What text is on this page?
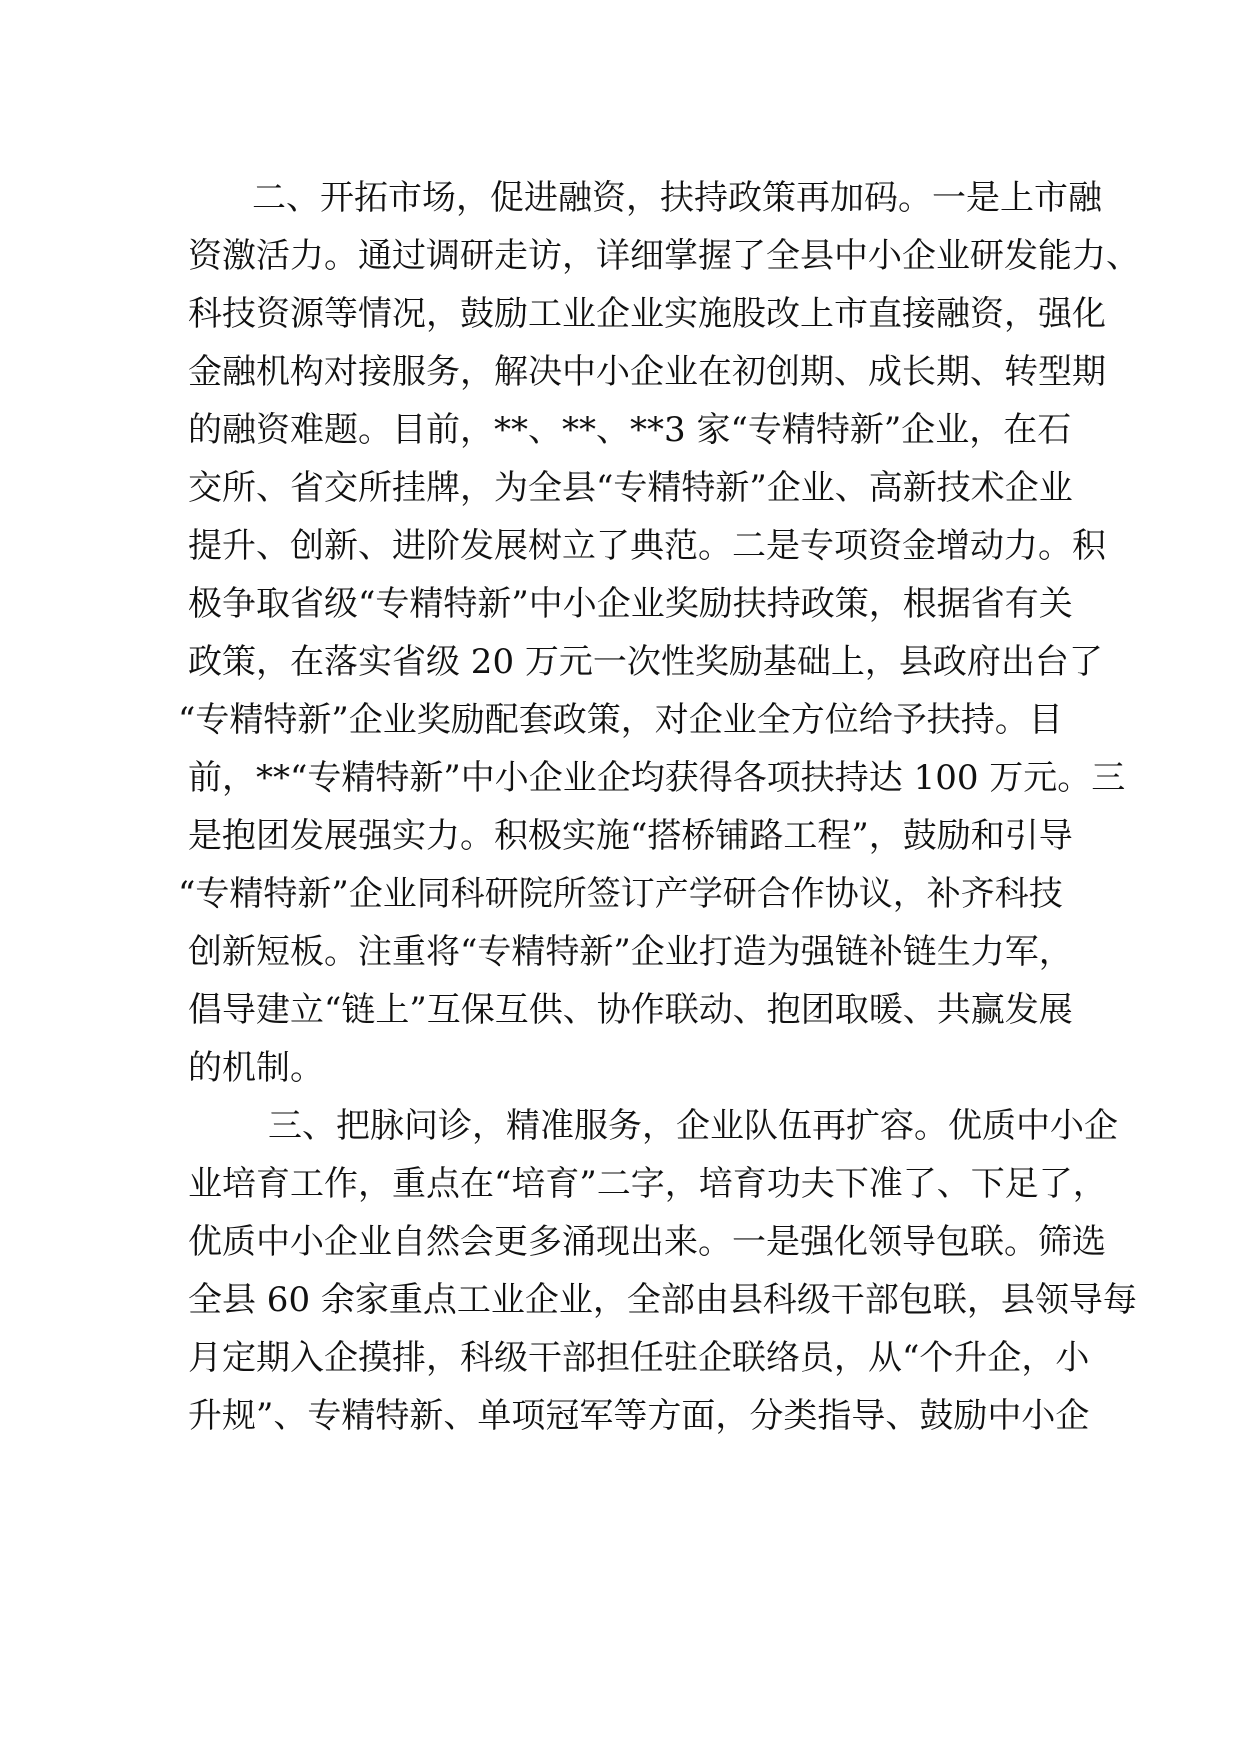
二、开拓市场，促进融资，扶持政策再加码。一是上市融
资激活力。通过调研走访，详细掌握了全县中小企业研发能力、
科技资源等情况，鼓励工业企业实施股改上市直接融资，强化
金融机构对接服务，解决中小企业在初创期、成长期、转型期
的融资难题。目前，**、**、**3 家“专精特新”企业，在石
交所、省交所挂牌，为全县“专精特新”企业、高新技术企业
提升、创新、进阶发展树立了典范。二是专项资金增动力。积
极争取省级“专精特新”中小企业奖励扶持政策，根据省有关
政策，在落实省级 20 万元一次性奖励基础上，县政府出台了
“专精特新”企业奖励配套政策，对企业全方位给予扶持。目
前，**“专精特新”中小企业企均获得各项扶持达 100 万元。三
是抱团发展强实力。积极实施“搭桥铺路工程”，鼓励和引导
“专精特新”企业同科研院所签订产学研合作协议，补齐科技
创新短板。注重将“专精特新”企业打造为强链补链生力军，
倡导建立“链上”互保互供、协作联动、抱团取暖、共赢发展
的机制。
三、把脉问诊，精准服务，企业队伍再扩容。优质中小企
业培育工作，重点在“培育”二字，培育功夫下准了、下足了，
优质中小企业自然会更多涌现出来。一是强化领导包联。筛选
全县 60 余家重点工业企业，全部由县科级干部包联，县领导每
月定期入企摸排，科级干部担任驻企联络员，从“个升企，小
升规”、专精特新、单项冠军等方面，分类指导、鼓励中小企
